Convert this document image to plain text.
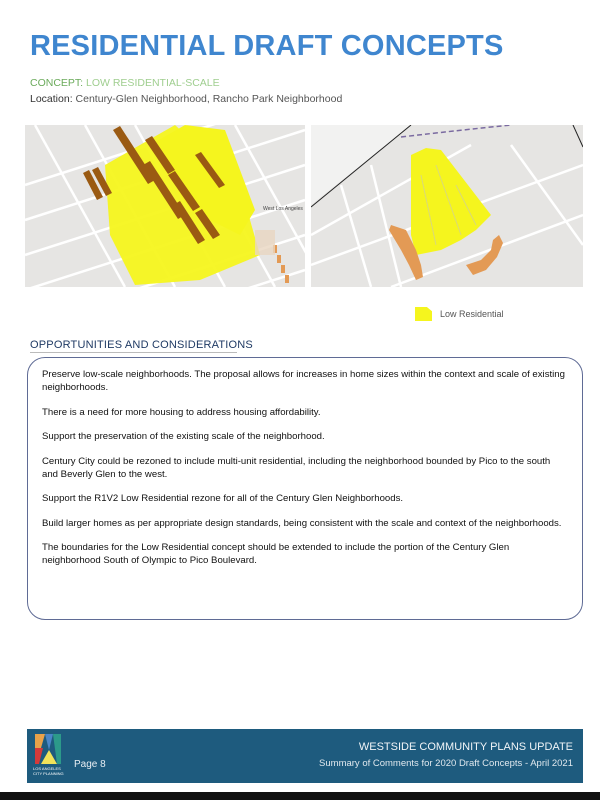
RESIDENTIAL DRAFT CONCEPTS
CONCEPT: LOW RESIDENTIAL-SCALE
Location: Century-Glen Neighborhood, Rancho Park Neighborhood
West Los Angeles
Low Residential
OPPORTUNITIES AND CONSIDERATIONS

Preserve low-scale neighborhoods. The proposal allows for increases in home sizes within the context and scale of existing neighborhoods.

There is a need for more housing to address housing affordability.

Support the preservation of the existing scale of the neighborhood.

Century City could be rezoned to include multi-unit residential, including the neighborhood bounded by Pico to the south and Beverly Glen to the west.

Support the R1V2 Low Residential rezone for all of the Century Glen Neighborhoods.

Build larger homes as per appropriate design standards, being consistent with the scale and context of the neighborhoods.

The boundaries for the Low Residential concept should be extended to include the portion of the Century Glen neighborhood South of Olympic to Pico Boulevard.

LOS ANGELES CITY PLANNING
Page 8
WESTSIDE COMMUNITY PLANS UPDATE
Summary of Comments for 2020 Draft Concepts - April 2021
